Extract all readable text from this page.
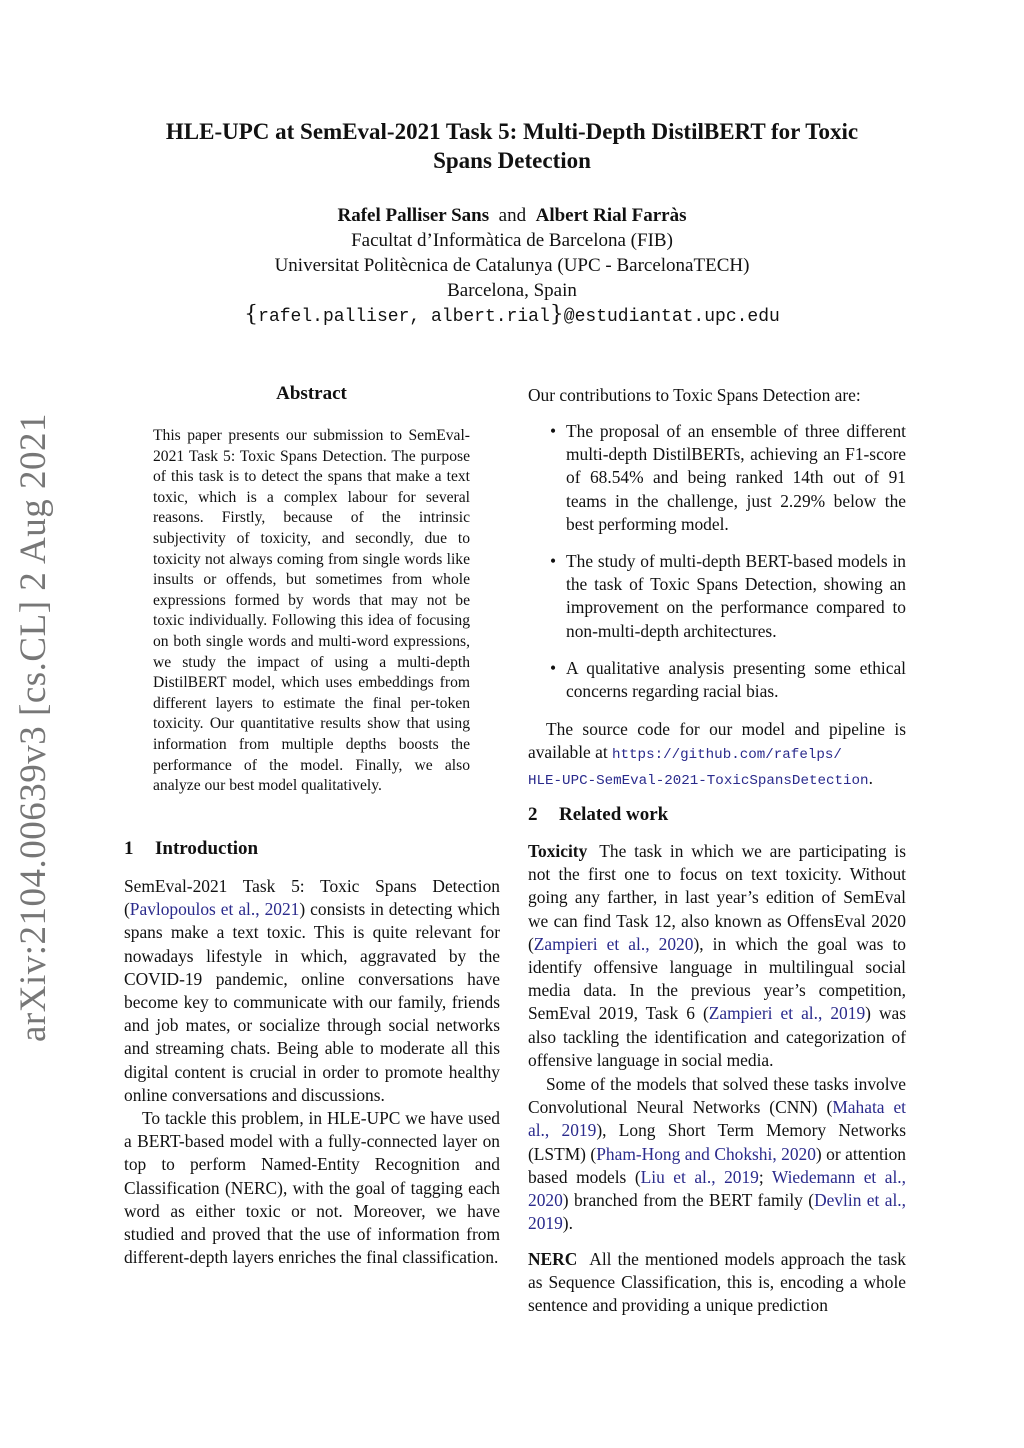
arXiv:2104.00639v3 [cs.CL] 2 Aug 2021
HLE-UPC at SemEval-2021 Task 5: Multi-Depth DistilBERT for Toxic
Spans Detection
Rafel Palliser Sans and Albert Rial Farràs
Facultat d’Informàtica de Barcelona (FIB)
Universitat Politècnica de Catalunya (UPC - BarcelonaTECH)
Barcelona, Spain
{rafel.palliser, albert.rial}@estudiantat.upc.edu
Abstract
This paper presents our submission to SemEval-2021 Task 5: Toxic Spans Detection. The purpose of this task is to detect the spans that make a text toxic, which is a complex labour for several reasons. Firstly, because of the intrinsic subjectivity of toxicity, and secondly, due to toxicity not always coming from single words like insults or offends, but sometimes from whole expressions formed by words that may not be toxic individually. Following this idea of focusing on both single words and multi-word expressions, we study the impact of using a multi-depth DistilBERT model, which uses embeddings from different layers to estimate the final per-token toxicity. Our quantitative results show that using information from multiple depths boosts the performance of the model. Finally, we also analyze our best model qualitatively.
1 Introduction

SemEval-2021 Task 5: Toxic Spans Detection (Pavlopoulos et al., 2021) consists in detecting which spans make a text toxic. This is quite relevant for nowadays lifestyle in which, aggravated by the COVID-19 pandemic, online conversations have become key to communicate with our family, friends and job mates, or socialize through social networks and streaming chats. Being able to moderate all this digital content is crucial in order to promote healthy online conversations and discussions.

To tackle this problem, in HLE-UPC we have used a BERT-based model with a fully-connected layer on top to perform Named-Entity Recognition and Classification (NERC), with the goal of tagging each word as either toxic or not. Moreover, we have studied and proved that the use of information from different-depth layers enriches the final classification.

Our contributions to Toxic Spans Detection are:
• The proposal of an ensemble of three different multi-depth DistilBERTs, achieving an F1-score of 68.54% and being ranked 14th out of 91 teams in the challenge, just 2.29% below the best performing model.
• The study of multi-depth BERT-based models in the task of Toxic Spans Detection, showing an improvement on the performance compared to non-multi-depth architectures.
• A qualitative analysis presenting some ethical concerns regarding racial bias.

The source code for our model and pipeline is available at https://github.com/rafelps/
HLE-UPC-SemEval-2021-ToxicSpansDetection.

2 Related work

Toxicity The task in which we are participating is not the first one to focus on text toxicity. Without going any farther, in last year’s edition of SemEval we can find Task 12, also known as OffensEval 2020 (Zampieri et al., 2020), in which the goal was to identify offensive language in multilingual social media data. In the previous year’s competition, SemEval 2019, Task 6 (Zampieri et al., 2019) was also tackling the identification and categorization of offensive language in social media.

Some of the models that solved these tasks involve Convolutional Neural Networks (CNN) (Mahata et al., 2019), Long Short Term Memory Networks (LSTM) (Pham-Hong and Chokshi, 2020) or attention based models (Liu et al., 2019; Wiedemann et al., 2020) branched from the BERT family (Devlin et al., 2019).

NERC All the mentioned models approach the task as Sequence Classification, this is, encoding a whole sentence and providing a unique prediction
